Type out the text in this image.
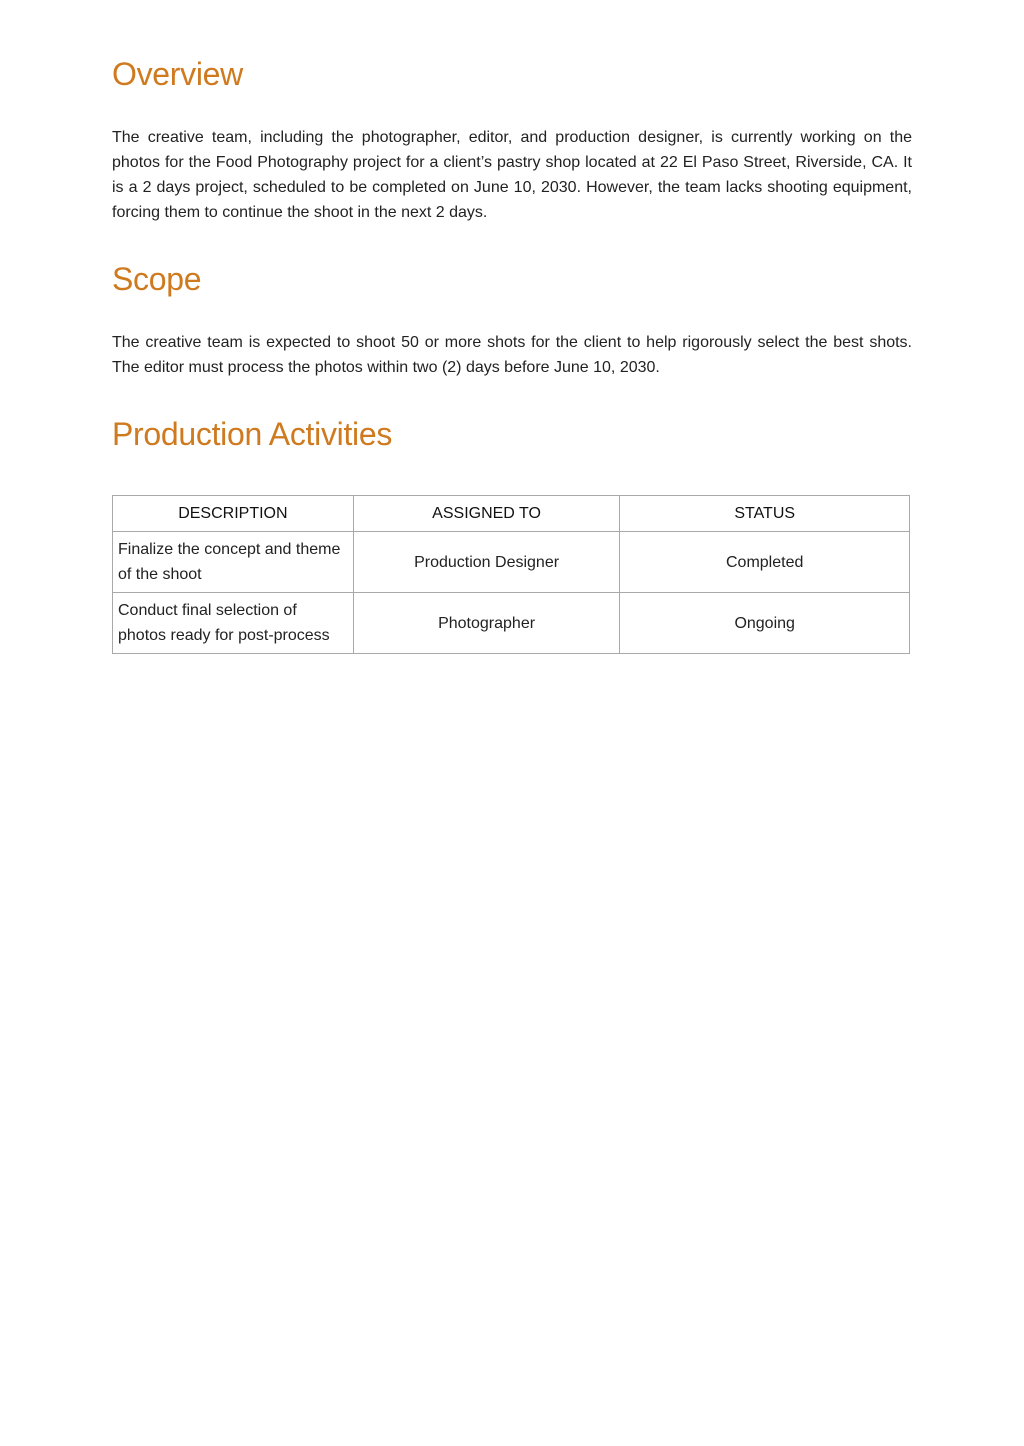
Overview

The creative team, including the photographer, editor, and production designer, is currently working on the photos for the Food Photography project for a client’s pastry shop located at 22 El Paso Street, Riverside, CA. It is a 2 days project, scheduled to be completed on June 10, 2030. However, the team lacks shooting equipment, forcing them to continue the shoot in the next 2 days.

Scope

The creative team is expected to shoot 50 or more shots for the client to help rigorously select the best shots. The editor must process the photos within two (2) days before June 10, 2030.

Production Activities
DESCRIPTION	ASSIGNED TO	STATUS
Finalize the concept and theme of the shoot	Production Designer	Completed
Conduct final selection of photos ready for post-process	Photographer	Ongoing
